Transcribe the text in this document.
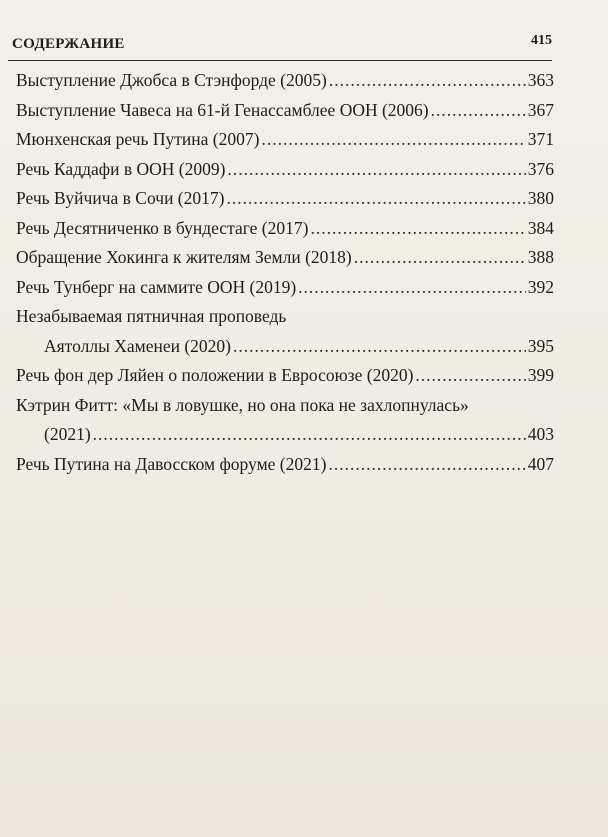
СОДЕРЖАНИЕ	415
Выступление Джобса в Стэнфорде (2005) .....	363
Выступление Чавеса на 61-й Генассамблее ООН (2006) .....	367
Мюнхенская речь Путина (2007) .....	371
Речь Каддафи в ООН (2009) .....	376
Речь Вуйчича в Сочи (2017) .....	380
Речь Десятниченко в бундестаге (2017) .....	384
Обращение Хокинга к жителям Земли (2018) .....	388
Речь Тунберг на саммите ООН (2019) .....	392
Незабываемая пятничная проповедь
Аятоллы Хаменеи (2020) .....	395
Речь фон дер Ляйен о положении в Евросоюзе (2020) .....	399
Кэтрин Фитт: «Мы в ловушке, но она пока не захлопнулась»
(2021) .....	403
Речь Путина на Давосском форуме (2021) .....	407
